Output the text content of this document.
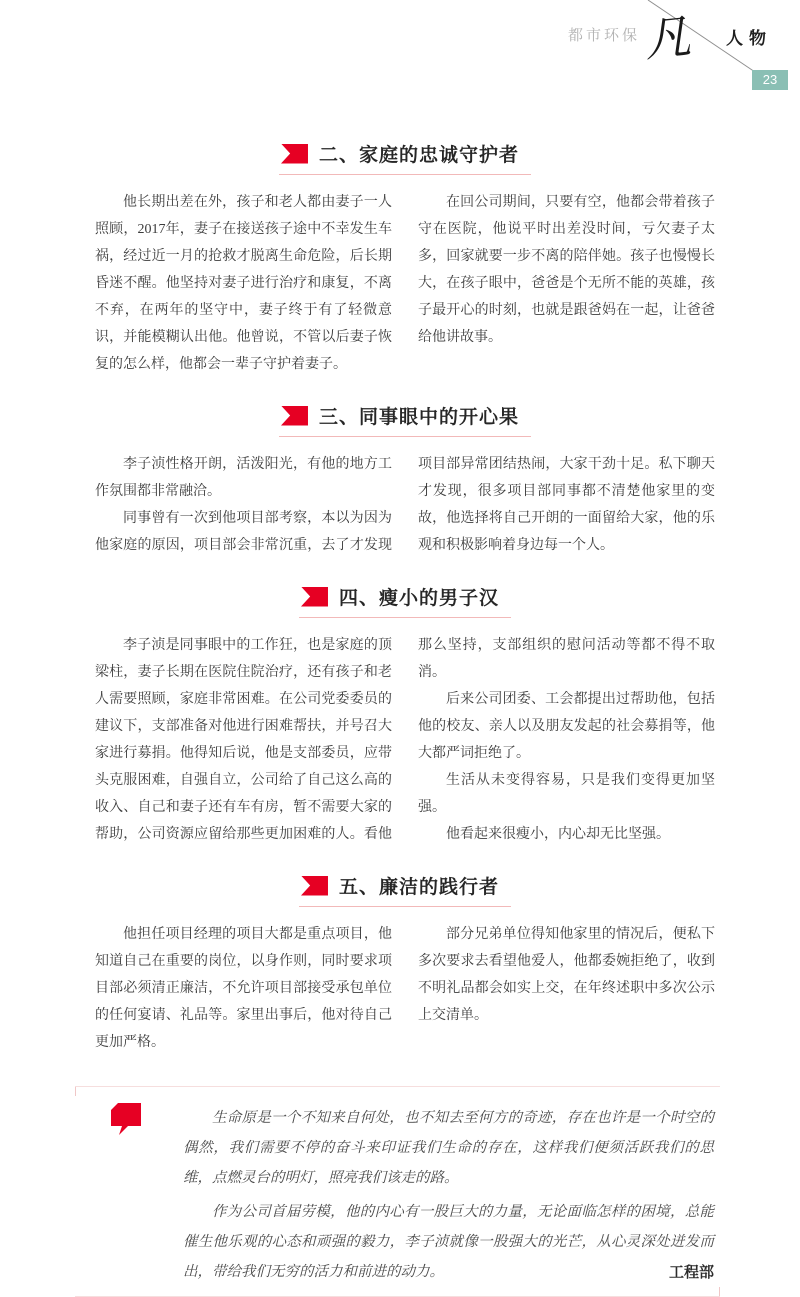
都市环保 凡 人物
23
二、家庭的忠诚守护者

他长期出差在外，孩子和老人都由妻子一人照顾，2017年，妻子在接送孩子途中不幸发生车祸，经过近一月的抢救才脱离生命危险，后长期昏迷不醒。他坚持对妻子进行治疗和康复，不离不弃，在两年的坚守中，妻子终于有了轻微意识，并能模糊认出他。他曾说，不管以后妻子恢复的怎么样，他都会一辈子守护着妻子。

在回公司期间，只要有空，他都会带着孩子守在医院，他说平时出差没时间，亏欠妻子太多，回家就要一步不离的陪伴她。孩子也慢慢长大，在孩子眼中，爸爸是个无所不能的英雄，孩子最开心的时刻，也就是跟爸妈在一起，让爸爸给他讲故事。

三、同事眼中的开心果

李子浈性格开朗，活泼阳光，有他的地方工作氛围都非常融洽。

同事曾有一次到他项目部考察，本以为因为他家庭的原因，项目部会非常沉重，去了才发现项目部异常团结热闹，大家干劲十足。私下聊天才发现，很多项目部同事都不清楚他家里的变故，他选择将自己开朗的一面留给大家，他的乐观和积极影响着身边每一个人。

四、瘦小的男子汉

李子浈是同事眼中的工作狂，也是家庭的顶梁柱，妻子长期在医院住院治疗，还有孩子和老人需要照顾，家庭非常困难。在公司党委委员的建议下，支部准备对他进行困难帮扶，并号召大家进行募捐。他得知后说，他是支部委员，应带头克服困难，自强自立，公司给了自己这么高的收入、自己和妻子还有车有房，暂不需要大家的帮助，公司资源应留给那些更加困难的人。看他那么坚持，支部组织的慰问活动等都不得不取消。

后来公司团委、工会都提出过帮助他，包括他的校友、亲人以及朋友发起的社会募捐等，他大都严词拒绝了。

生活从未变得容易，只是我们变得更加坚强。

他看起来很瘦小，内心却无比坚强。

五、廉洁的践行者

他担任项目经理的项目大都是重点项目，他知道自己在重要的岗位，以身作则，同时要求项目部必须清正廉洁，不允许项目部接受承包单位的任何宴请、礼品等。家里出事后，他对待自己更加严格。

部分兄弟单位得知他家里的情况后，便私下多次要求去看望他爱人，他都委婉拒绝了，收到不明礼品都会如实上交，在年终述职中多次公示上交清单。

生命原是一个不知来自何处，也不知去至何方的奇迹，存在也许是一个时空的偶然，我们需要不停的奋斗来印证我们生命的存在，这样我们便须活跃我们的思维，点燃灵台的明灯，照亮我们该走的路。

作为公司首届劳模，他的内心有一股巨大的力量，无论面临怎样的困境，总能催生他乐观的心态和顽强的毅力，李子浈就像一股强大的光芒，从心灵深处迸发而出，带给我们无穷的活力和前进的动力。	工程部
